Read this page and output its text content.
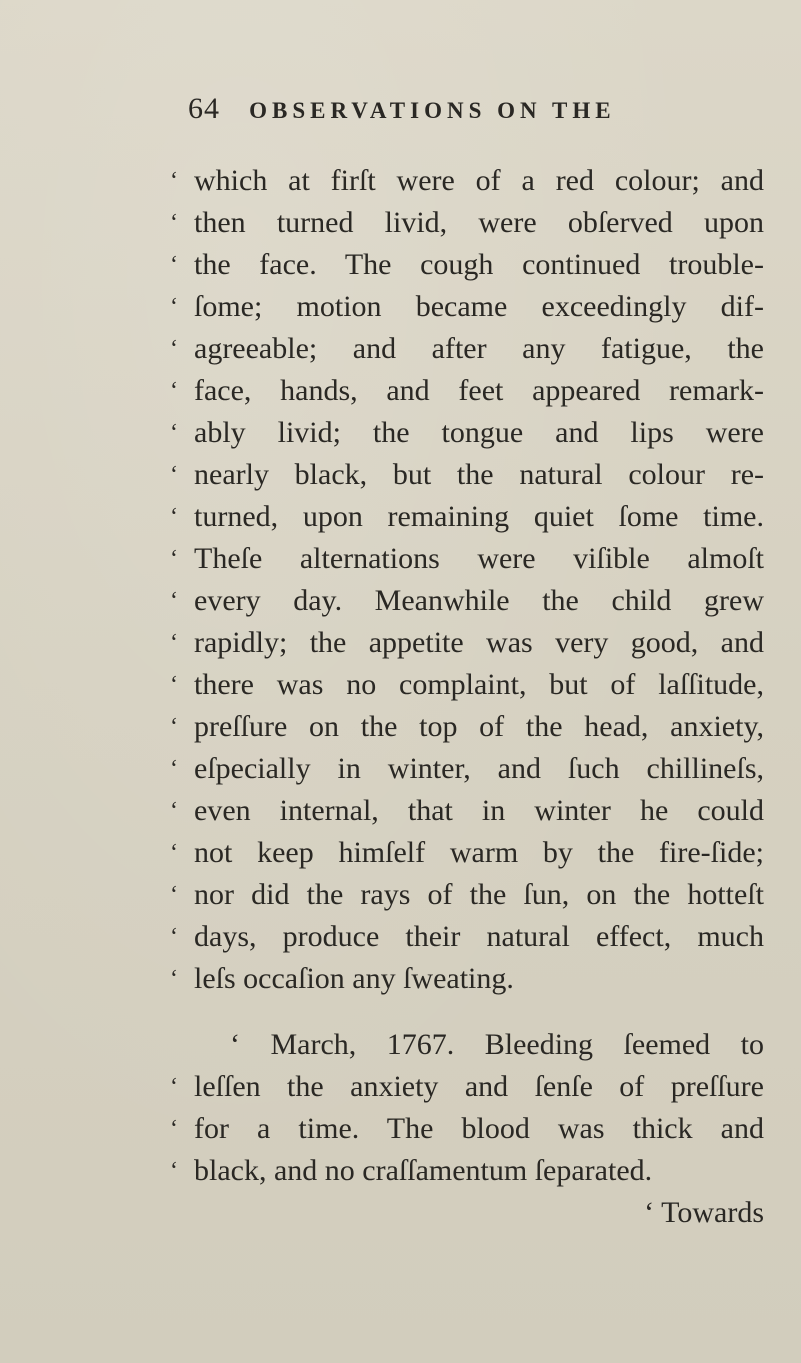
64 OBSERVATIONS ON THE
‘ which at firſt were of a red colour; and
‘ then turned livid, were obſerved upon
‘ the face. The cough continued trouble-
‘ ſome; motion became exceedingly dif-
‘ agreeable; and after any fatigue, the
‘ face, hands, and feet appeared remark-
‘ ably livid; the tongue and lips were
‘ nearly black, but the natural colour re-
‘ turned, upon remaining quiet ſome time.
‘ Theſe alternations were viſible almoſt
‘ every day. Meanwhile the child grew
‘ rapidly; the appetite was very good, and
‘ there was no complaint, but of laſſitude,
‘ preſſure on the top of the head, anxiety,
‘ eſpecially in winter, and ſuch chillineſs,
‘ even internal, that in winter he could
‘ not keep himſelf warm by the fire-ſide;
‘ nor did the rays of the ſun, on the hotteſt
‘ days, produce their natural effect, much
‘ leſs occaſion any ſweating.
‘ March, 1767. Bleeding ſeemed to
‘ leſſen the anxiety and ſenſe of preſſure
‘ for a time. The blood was thick and
‘ black, and no craſſamentum ſeparated.
‘ Towards
